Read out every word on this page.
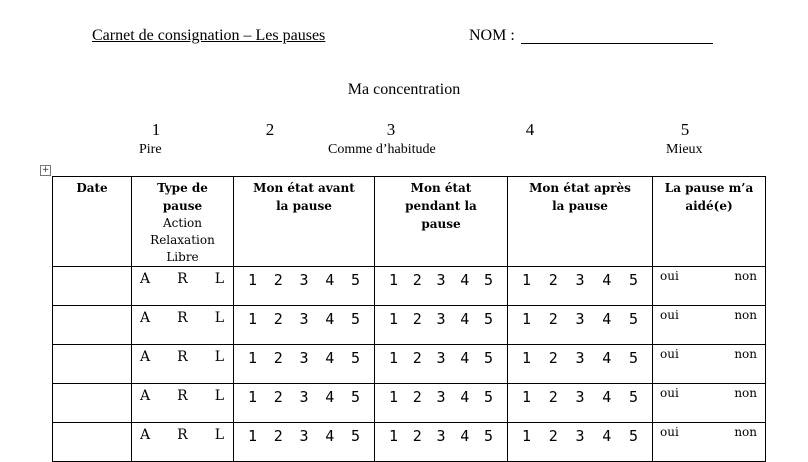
Carnet de consignation – Les pauses	NOM :
Ma concentration
1	2	3	4	5
Pire	Comme d’habitude	Mieux
+
Date	Type de pause
Action
Relaxation
Libre	Mon état avant la pause	Mon état pendant la pause	Mon état après la pause	La pause m’a aidé(e)

	A R L	1 2 3 4 5	1 2 3 4 5	1 2 3 4 5	oui non

	A R L	1 2 3 4 5	1 2 3 4 5	1 2 3 4 5	oui non

	A R L	1 2 3 4 5	1 2 3 4 5	1 2 3 4 5	oui non

	A R L	1 2 3 4 5	1 2 3 4 5	1 2 3 4 5	oui non

	A R L	1 2 3 4 5	1 2 3 4 5	1 2 3 4 5	oui non
